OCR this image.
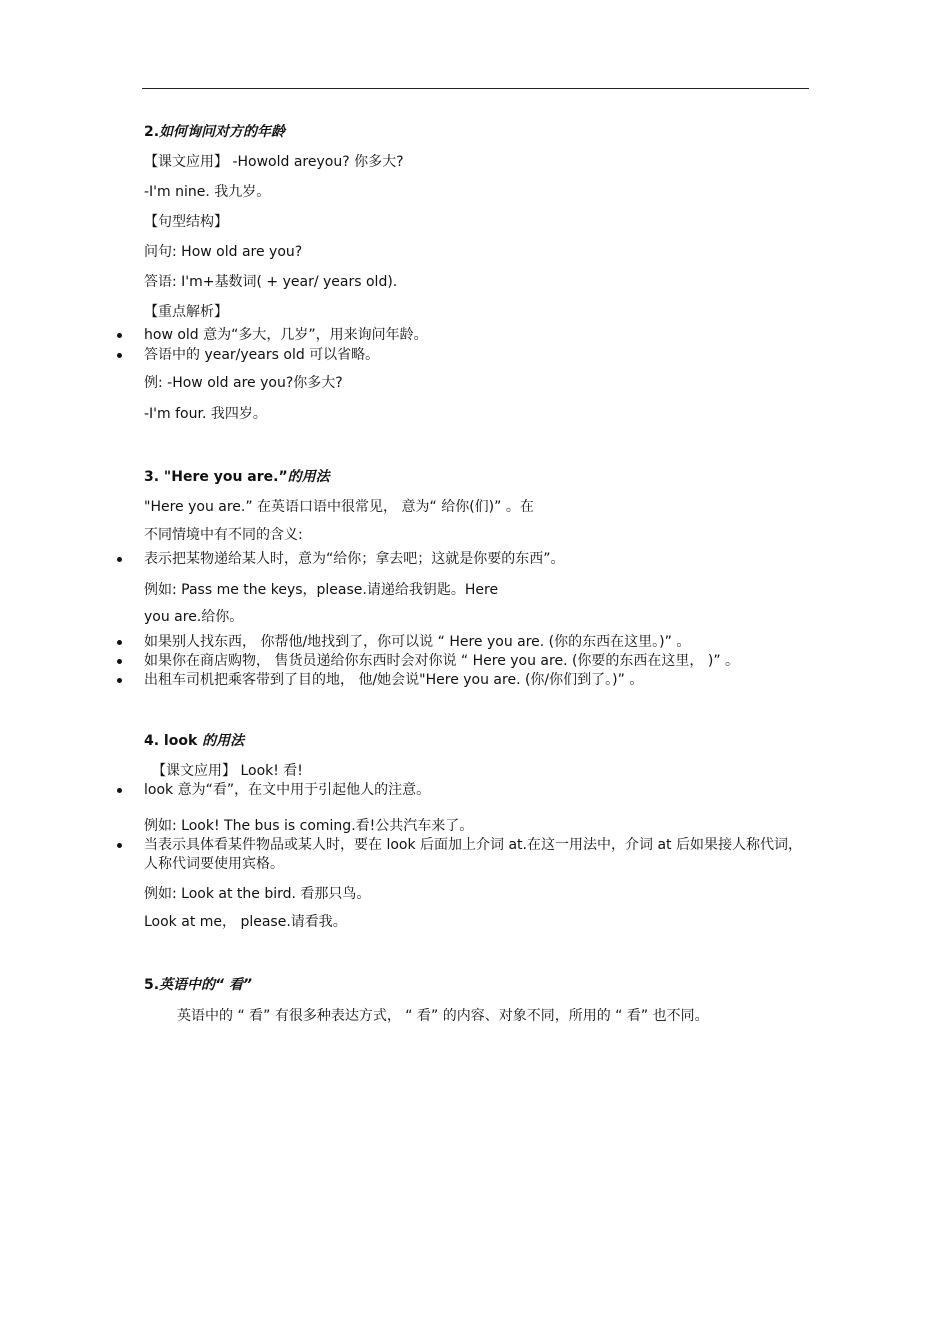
2.如何询问对方的年龄
【课文应用】 -Howold areyou? 你多大?
-I'm nine. 我九岁。
【句型结构】
问句: How old are you?
答语: I'm+基数词( + year/ years old).
【重点解析】
how old 意为“多大，几岁”，用来询问年龄。
答语中的 year/years old 可以省略。
例: -How old are you?你多大?
-I'm four. 我四岁。
3. "Here you are.”的用法
"Here you are.” 在英语口语中很常见， 意为“ 给你(们)” 。在
不同情境中有不同的含义:
表示把某物递给某人时，意为“给你；拿去吧；这就是你要的东西”。
例如: Pass me the keys，please.请递给我钥匙。Here
you are.给你。
如果别人找东西， 你帮他/地找到了，你可以说 “ Here you are. (你的东西在这里。)” 。
如果你在商店购物， 售货员递给你东西时会对你说 “ Here you are. (你要的东西在这里， )” 。
出租车司机把乘客带到了目的地， 他/她会说"Here you are. (你/你们到了。)” 。
4. look 的用法
【课文应用】 Look! 看!
look 意为“看”，在文中用于引起他人的注意。
例如: Look! The bus is coming.看!公共汽车来了。
当表示具体看某件物品或某人时，要在 look 后面加上介词 at.在这一用法中，介词 at 后如果接人称代词，人称代词要使用宾格。
例如: Look at the bird. 看那只鸟。
Look at me， please.请看我。
5.英语中的“ 看”
英语中的 “ 看” 有很多种表达方式， “ 看” 的内容、对象不同，所用的 “ 看” 也不同。
